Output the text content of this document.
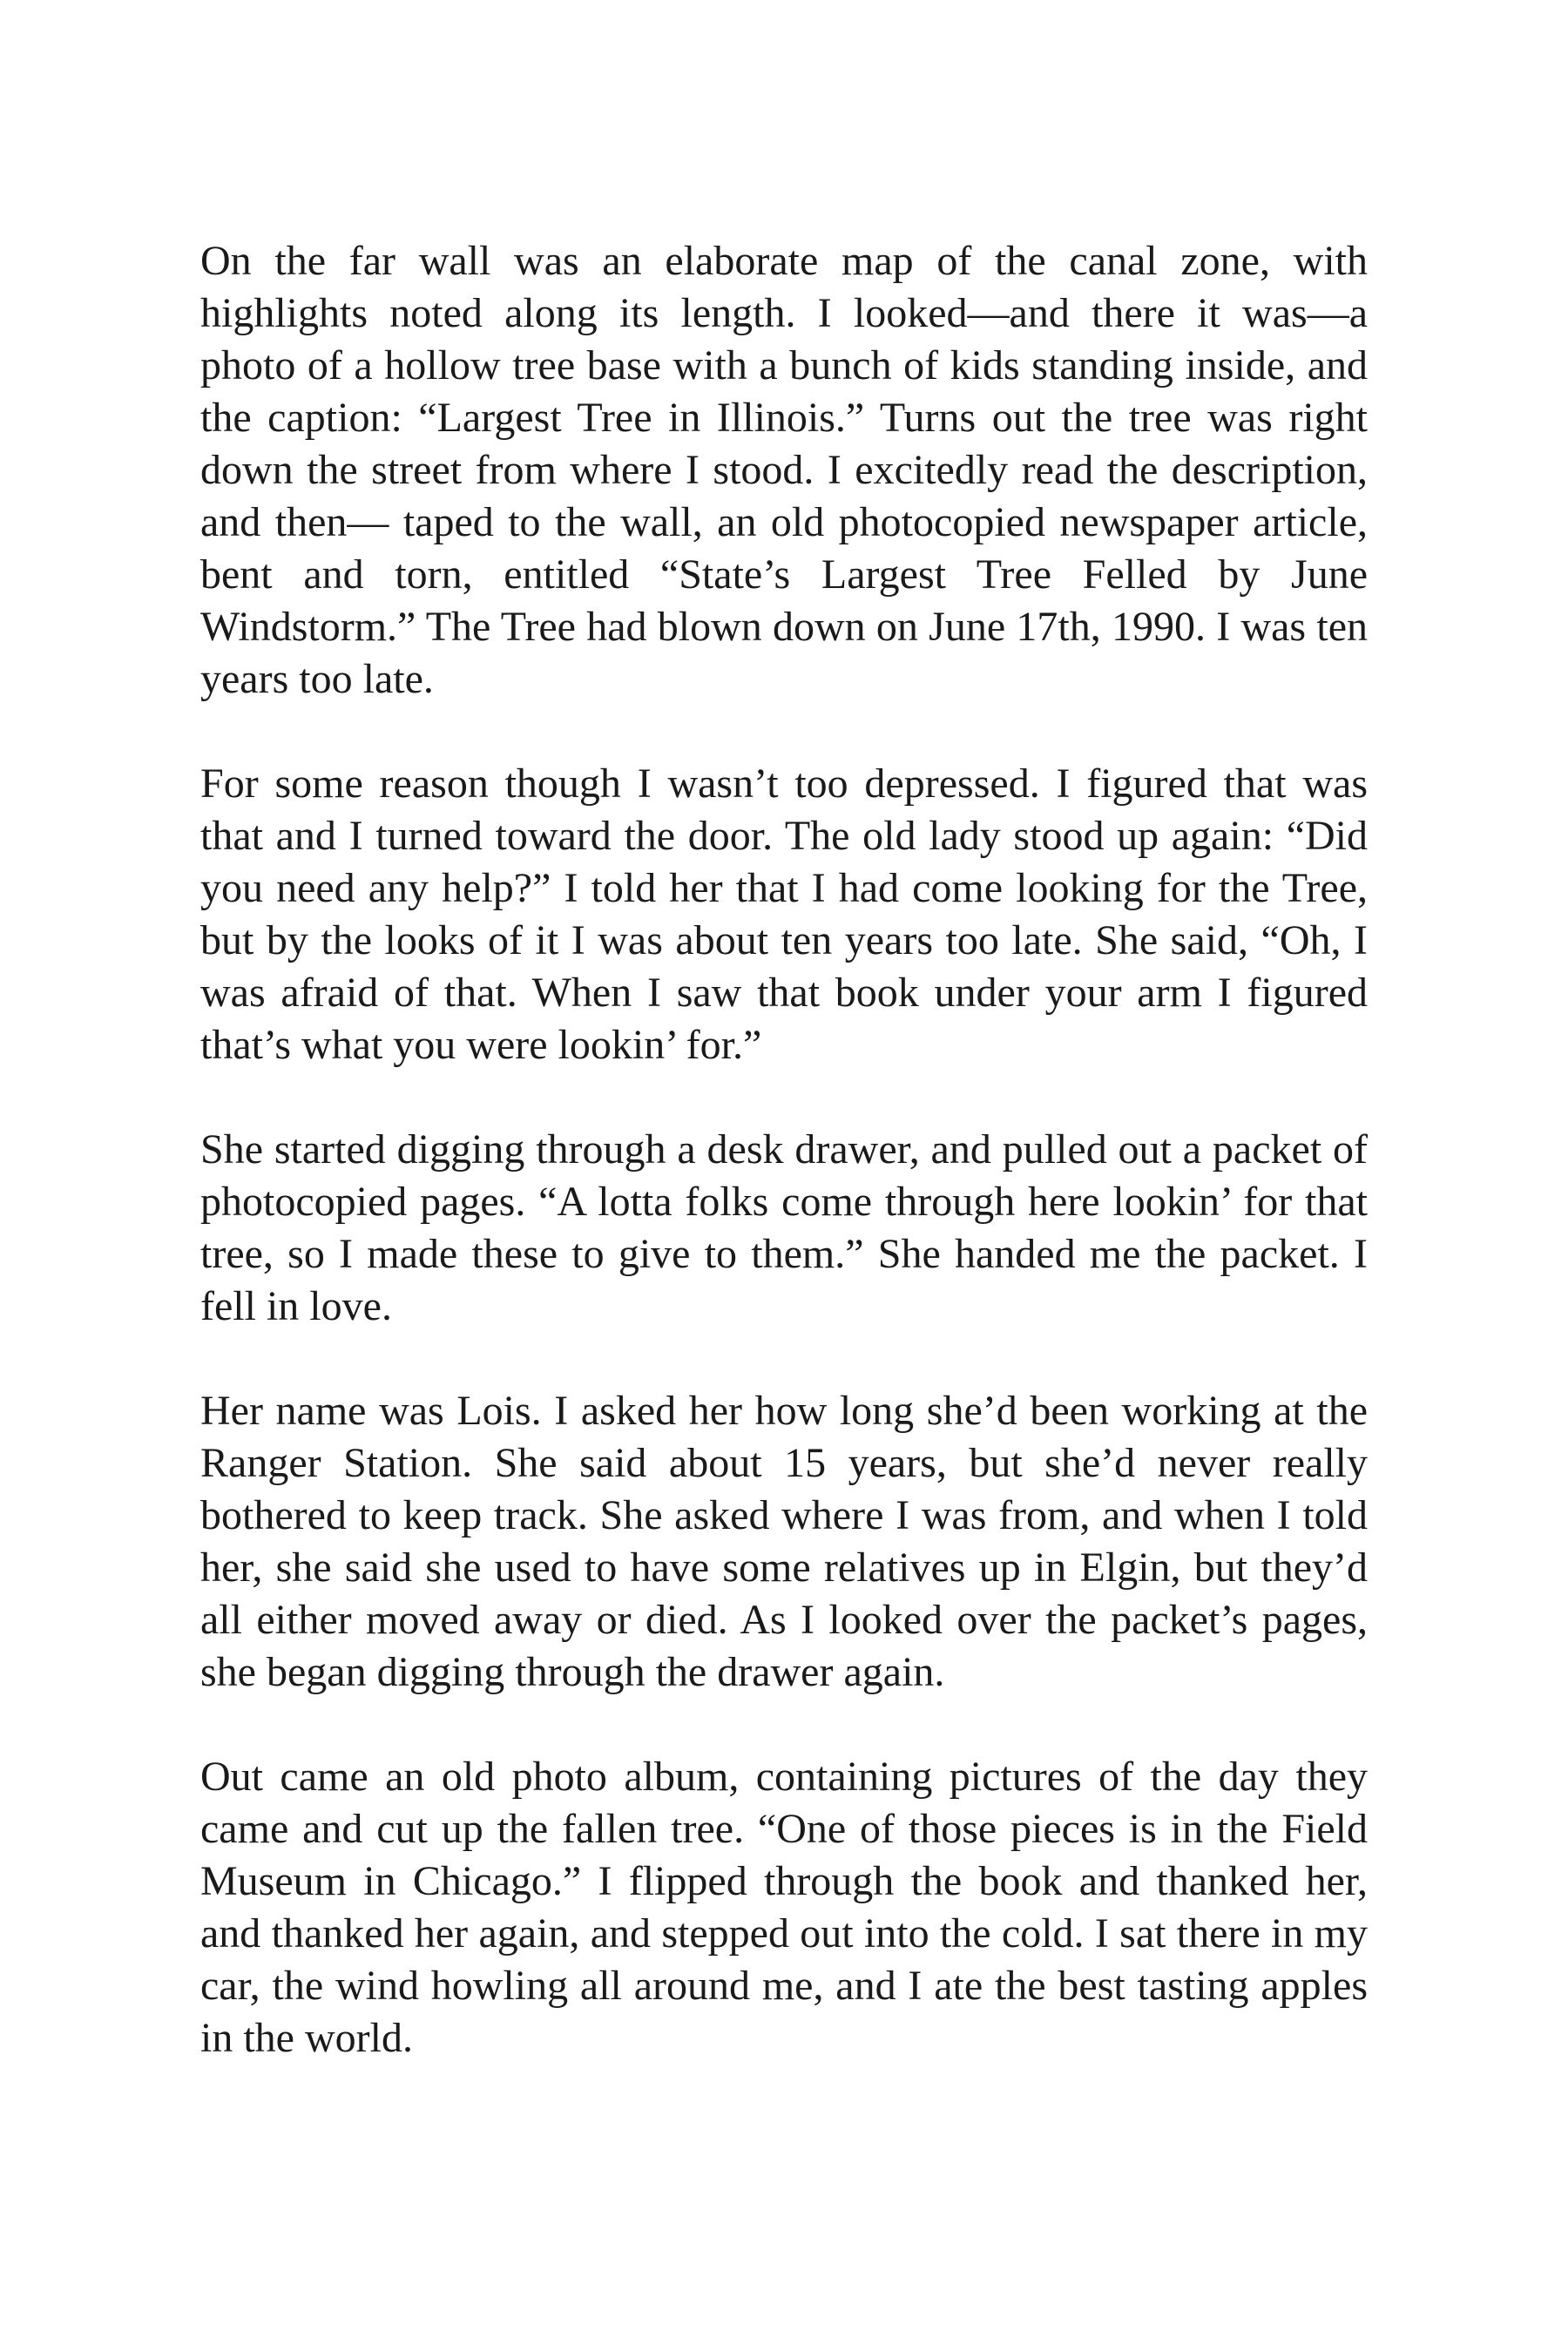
On the far wall was an elaborate map of the canal zone, with highlights noted along its length. I looked—and there it was—a photo of a hollow tree base with a bunch of kids standing inside, and the caption: “Largest Tree in Illinois.” Turns out the tree was right down the street from where I stood. I excitedly read the description, and then— taped to the wall, an old photocopied newspaper article, bent and torn, entitled “State’s Largest Tree Felled by June Windstorm.” The Tree had blown down on June 17th, 1990. I was ten years too late.

For some reason though I wasn’t too depressed. I figured that was that and I turned toward the door. The old lady stood up again: “Did you need any help?” I told her that I had come looking for the Tree, but by the looks of it I was about ten years too late. She said, “Oh, I was afraid of that. When I saw that book under your arm I figured that’s what you were lookin’ for.”

She started digging through a desk drawer, and pulled out a packet of photocopied pages. “A lotta folks come through here lookin’ for that tree, so I made these to give to them.” She handed me the packet. I fell in love.

Her name was Lois. I asked her how long she’d been working at the Ranger Station. She said about 15 years, but she’d never really bothered to keep track. She asked where I was from, and when I told her, she said she used to have some relatives up in Elgin, but they’d all either moved away or died. As I looked over the packet’s pages, she began digging through the drawer again.

Out came an old photo album, containing pictures of the day they came and cut up the fallen tree. “One of those pieces is in the Field Museum in Chicago.” I flipped through the book and thanked her, and thanked her again, and stepped out into the cold. I sat there in my car, the wind howling all around me, and I ate the best tasting apples in the world.
